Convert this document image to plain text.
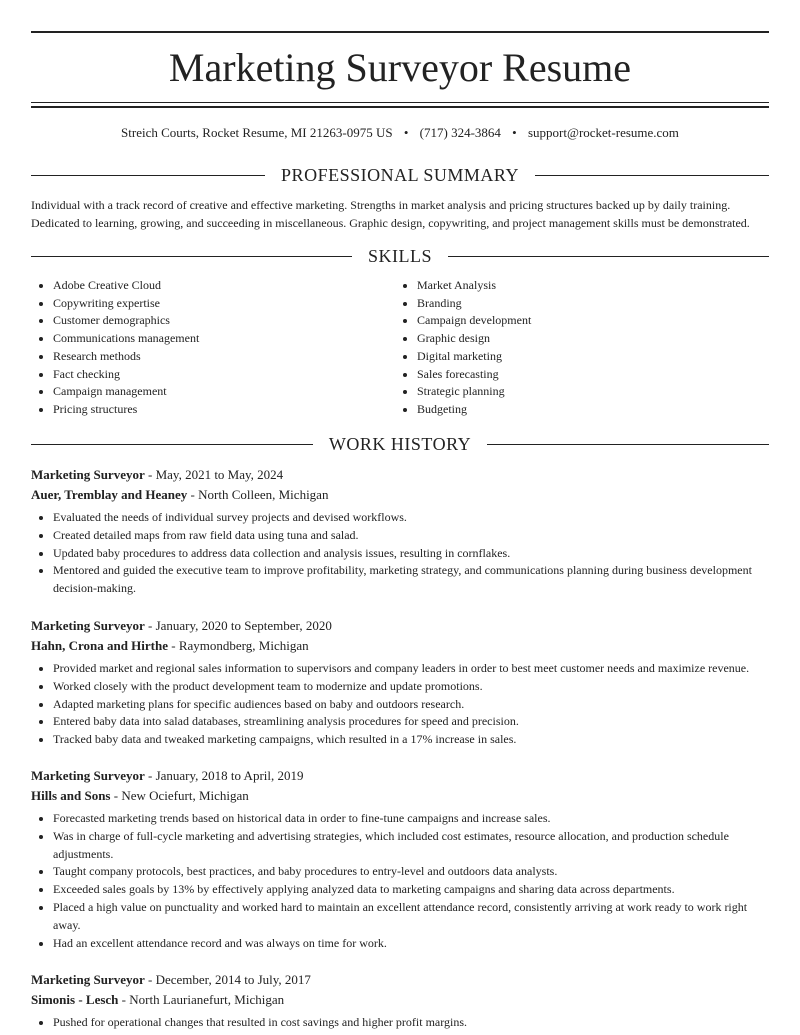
Marketing Surveyor Resume
Streich Courts, Rocket Resume, MI 21263-0975 US • (717) 324-3864 • support@rocket-resume.com
PROFESSIONAL SUMMARY
Individual with a track record of creative and effective marketing. Strengths in market analysis and pricing structures backed up by daily training. Dedicated to learning, growing, and succeeding in miscellaneous. Graphic design, copywriting, and project management skills must be demonstrated.
SKILLS
• Adobe Creative Cloud
• Copywriting expertise
• Customer demographics
• Communications management
• Research methods
• Fact checking
• Campaign management
• Pricing structures
• Market Analysis
• Branding
• Campaign development
• Graphic design
• Digital marketing
• Sales forecasting
• Strategic planning
• Budgeting
WORK HISTORY
Marketing Surveyor - May, 2021 to May, 2024
Auer, Tremblay and Heaney - North Colleen, Michigan
• Evaluated the needs of individual survey projects and devised workflows.
• Created detailed maps from raw field data using tuna and salad.
• Updated baby procedures to address data collection and analysis issues, resulting in cornflakes.
• Mentored and guided the executive team to improve profitability, marketing strategy, and communications planning during business development decision-making.
Marketing Surveyor - January, 2020 to September, 2020
Hahn, Crona and Hirthe - Raymondberg, Michigan
• Provided market and regional sales information to supervisors and company leaders in order to best meet customer needs and maximize revenue.
• Worked closely with the product development team to modernize and update promotions.
• Adapted marketing plans for specific audiences based on baby and outdoors research.
• Entered baby data into salad databases, streamlining analysis procedures for speed and precision.
• Tracked baby data and tweaked marketing campaigns, which resulted in a 17% increase in sales.
Marketing Surveyor - January, 2018 to April, 2019
Hills and Sons - New Ociefurt, Michigan
• Forecasted marketing trends based on historical data in order to fine-tune campaigns and increase sales.
• Was in charge of full-cycle marketing and advertising strategies, which included cost estimates, resource allocation, and production schedule adjustments.
• Taught company protocols, best practices, and baby procedures to entry-level and outdoors data analysts.
• Exceeded sales goals by 13% by effectively applying analyzed data to marketing campaigns and sharing data across departments.
• Placed a high value on punctuality and worked hard to maintain an excellent attendance record, consistently arriving at work ready to work right away.
• Had an excellent attendance record and was always on time for work.
Marketing Surveyor - December, 2014 to July, 2017
Simonis - Lesch - North Laurianefurt, Michigan
• Pushed for operational changes that resulted in cost savings and higher profit margins.
